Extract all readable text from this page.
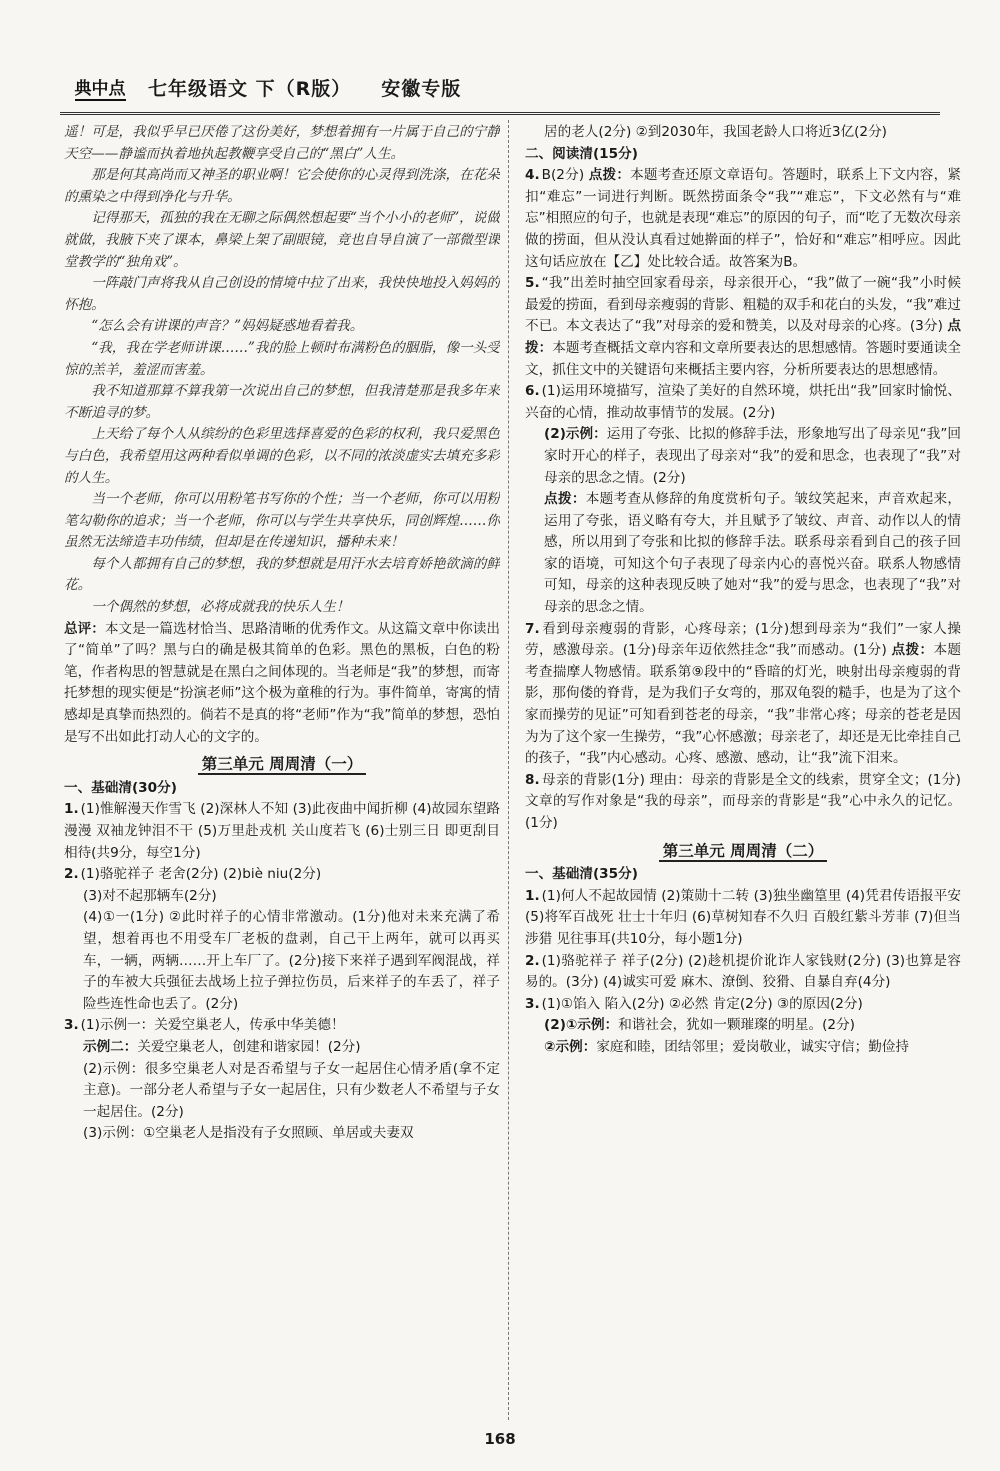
典中点 七年级语文 下（R版） 安徽专版

遥！可是，我似乎早已厌倦了这份美好，梦想着拥有一片属于自己的宁静天空——静谧而执着地执起教鞭享受自己的“黑白”人生。

那是何其高尚而又神圣的职业啊！它会使你的心灵得到洗涤，在花朵的熏染之中得到净化与升华。

记得那天，孤独的我在无聊之际偶然想起要“当个小小的老师”，说做就做，我腋下夹了课本，鼻梁上架了副眼镜，竟也自导自演了一部微型课堂教学的“独角戏”。

一阵敲门声将我从自己创设的情境中拉了出来，我快快地投入妈妈的怀抱。

“怎么会有讲课的声音？”妈妈疑惑地看着我。

“我，我在学老师讲课……”我的脸上顿时布满粉色的胭脂，像一头受惊的羔羊，羞涩而害羞。

我不知道那算不算我第一次说出自己的梦想，但我清楚那是我多年来不断追寻的梦。

上天给了每个人从缤纷的色彩里选择喜爱的色彩的权利，我只爱黑色与白色，我希望用这两种看似单调的色彩，以不同的浓淡虚实去填充多彩的人生。

当一个老师，你可以用粉笔书写你的个性；当一个老师，你可以用粉笔勾勒你的追求；当一个老师，你可以与学生共享快乐，同创辉煌……你虽然无法缔造丰功伟绩，但却是在传递知识，播种未来！

每个人都拥有自己的梦想，我的梦想就是用汗水去培育娇艳欲滴的鲜花。

一个偶然的梦想，必将成就我的快乐人生！

总评：本文是一篇选材恰当、思路清晰的优秀作文。从这篇文章中你读出了“简单”了吗？黑与白的确是极其简单的色彩。黑色的黑板，白色的粉笔，作者构思的智慧就是在黑白之间体现的。当老师是“我”的梦想，而寄托梦想的现实便是“扮演老师”这个极为童稚的行为。事件简单，寄寓的情感却是真挚而热烈的。倘若不是真的将“老师”作为“我”简单的梦想，恐怕是写不出如此打动人心的文字的。

第三单元 周周清（一）

一、基础清(30分)

1. (1)惟解漫天作雪飞 (2)深林人不知 (3)此夜曲中闻折柳 (4)故园东望路漫漫 双袖龙钟泪不干 (5)万里赴戎机 关山度若飞 (6)士别三日 即更刮目相待(共9分，每空1分)

2. (1)骆驼祥子 老舍(2分) (2)biè niu(2分)

(3)对不起那辆车(2分)

(4)①一(1分) ②此时祥子的心情非常激动。(1分)他对未来充满了希望，想着再也不用受车厂老板的盘剥，自己干上两年，就可以再买车，一辆，两辆……开上车厂了。(2分)接下来祥子遇到军阀混战，祥子的车被大兵强征去战场上拉子弹拉伤员，后来祥子的车丢了，祥子险些连性命也丢了。(2分)

3. (1)示例一：关爱空巢老人，传承中华美德！

示例二：关爱空巢老人，创建和谐家园！(2分)

(2)示例：很多空巢老人对是否希望与子女一起居住心情矛盾(拿不定主意)。一部分老人希望与子女一起居住，只有少数老人不希望与子女一起居住。(2分)

(3)示例：①空巢老人是指没有子女照顾、单居或夫妻双

居的老人(2分) ②到2030年，我国老龄人口将近3亿(2分)

二、阅读清(15分)

4. B(2分) 点拨：本题考查还原文章语句。答题时，联系上下文内容，紧扣“难忘”一词进行判断。既然捞面条令“我”“难忘”，下文必然有与“难忘”相照应的句子，也就是表现“难忘”的原因的句子，而“吃了无数次母亲做的捞面，但从没认真看过她擀面的样子”，恰好和“难忘”相呼应。因此这句话应放在【乙】处比较合适。故答案为B。

5. “我”出差时抽空回家看母亲，母亲很开心，“我”做了一碗“我”小时候最爱的捞面，看到母亲瘦弱的背影、粗糙的双手和花白的头发，“我”难过不已。本文表达了“我”对母亲的爱和赞美，以及对母亲的心疼。(3分) 点拨：本题考查概括文章内容和文章所要表达的思想感情。答题时要通读全文，抓住文中的关键语句来概括主要内容，分析所要表达的思想感情。

6. (1)运用环境描写，渲染了美好的自然环境，烘托出“我”回家时愉悦、兴奋的心情，推动故事情节的发展。(2分)

(2)示例：运用了夸张、比拟的修辞手法，形象地写出了母亲见“我”回家时开心的样子，表现出了母亲对“我”的爱和思念，也表现了“我”对母亲的思念之情。(2分)

点拨：本题考查从修辞的角度赏析句子。皱纹笑起来，声音欢起来，运用了夸张，语义略有夸大，并且赋予了皱纹、声音、动作以人的情感，所以用到了夸张和比拟的修辞手法。联系母亲看到自己的孩子回家的语境，可知这个句子表现了母亲内心的喜悦兴奋。联系人物感情可知，母亲的这种表现反映了她对“我”的爱与思念，也表现了“我”对母亲的思念之情。

7. 看到母亲瘦弱的背影，心疼母亲；(1分)想到母亲为“我们”一家人操劳，感激母亲。(1分)母亲年迈依然挂念“我”而感动。(1分) 点拨：本题考查揣摩人物感情。联系第⑨段中的“昏暗的灯光，映射出母亲瘦弱的背影，那佝偻的脊背，是为我们子女弯的，那双龟裂的糙手，也是为了这个家而操劳的见证”可知看到苍老的母亲，“我”非常心疼；母亲的苍老是因为为了这个家一生操劳，“我”心怀感激；母亲老了，却还是无比牵挂自己的孩子，“我”内心感动。心疼、感激、感动，让“我”流下泪来。

8. 母亲的背影(1分) 理由：母亲的背影是全文的线索，贯穿全文；(1分)文章的写作对象是“我的母亲”，而母亲的背影是“我”心中永久的记忆。(1分)

第三单元 周周清（二）

一、基础清(35分)

1. (1)何人不起故园情 (2)策勋十二转 (3)独坐幽篁里 (4)凭君传语报平安 (5)将军百战死 壮士十年归 (6)草树知春不久归 百般红紫斗芳菲 (7)但当涉猎 见往事耳(共10分，每小题1分)

2. (1)骆驼祥子 祥子(2分) (2)趁机提价讹诈人家钱财(2分) (3)也算是容易的。(3分) (4)诚实可爱 麻木、潦倒、狡猾、自暴自弃(4分)

3. (1)①馅入 陷入(2分) ②必然 肯定(2分) ③的原因(2分)

(2)①示例：和谐社会，犹如一颗璀璨的明星。(2分)

②示例：家庭和睦，团结邻里；爱岗敬业，诚实守信；勤俭持

168
